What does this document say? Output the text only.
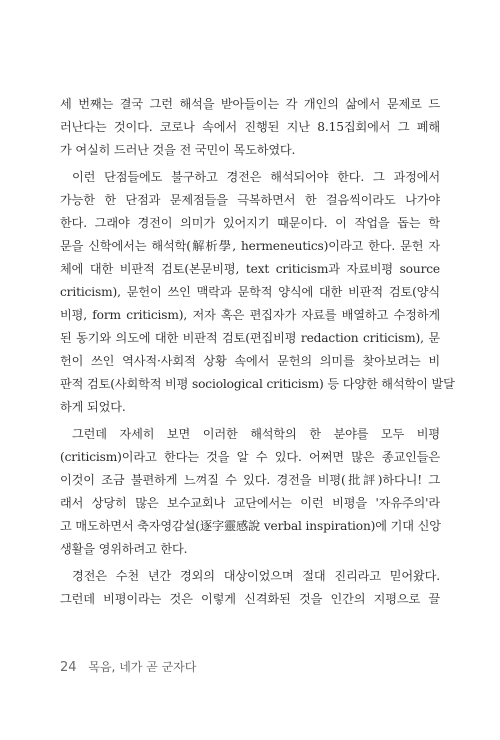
세 번째는 결국 그런 해석을 받아들이는 각 개인의 삶에서 문제로 드

러난다는 것이다. 코로나 속에서 진행된 지난 8.15집회에서 그 폐해

가 여실히 드러난 것을 전 국민이 목도하였다.

이런 단점들에도 불구하고 경전은 해석되어야 한다. 그 과정에서

가능한 한 단점과 문제점들을 극복하면서 한 걸음씩이라도 나가야

한다. 그래야 경전이 의미가 있어지기 때문이다. 이 작업을 돕는 학

문을 신학에서는 해석학(解析學, hermeneutics)이라고 한다. 문헌 자

체에 대한 비판적 검토(본문비평, text criticism과 자료비평 source

criticism), 문헌이 쓰인 맥락과 문학적 양식에 대한 비판적 검토(양식

비평, form criticism), 저자 혹은 편집자가 자료를 배열하고 수정하게

된 동기와 의도에 대한 비판적 검토(편집비평 redaction criticism), 문

헌이 쓰인 역사적·사회적 상황 속에서 문헌의 의미를 찾아보려는 비

판적 검토(사회학적 비평 sociological criticism) 등 다양한 해석학이 발달

하게 되었다.

그런데 자세히 보면 이러한 해석학의 한 분야를 모두 비평

(criticism)이라고 한다는 것을 알 수 있다. 어쩌면 많은 종교인들은

이것이 조금 불편하게 느껴질 수 있다. 경전을 비평(批評)하다니! 그

래서 상당히 많은 보수교회나 교단에서는 이런 비평을 '자유주의'라

고 매도하면서 축자영감설(逐字靈感說 verbal inspiration)에 기대 신앙

생활을 영위하려고 한다.

경전은 수천 년간 경외의 대상이었으며 절대 진리라고 믿어왔다.

그런데 비평이라는 것은 이렇게 신격화된 것을 인간의 지평으로 끌

24 목음, 네가 곧 군자다
